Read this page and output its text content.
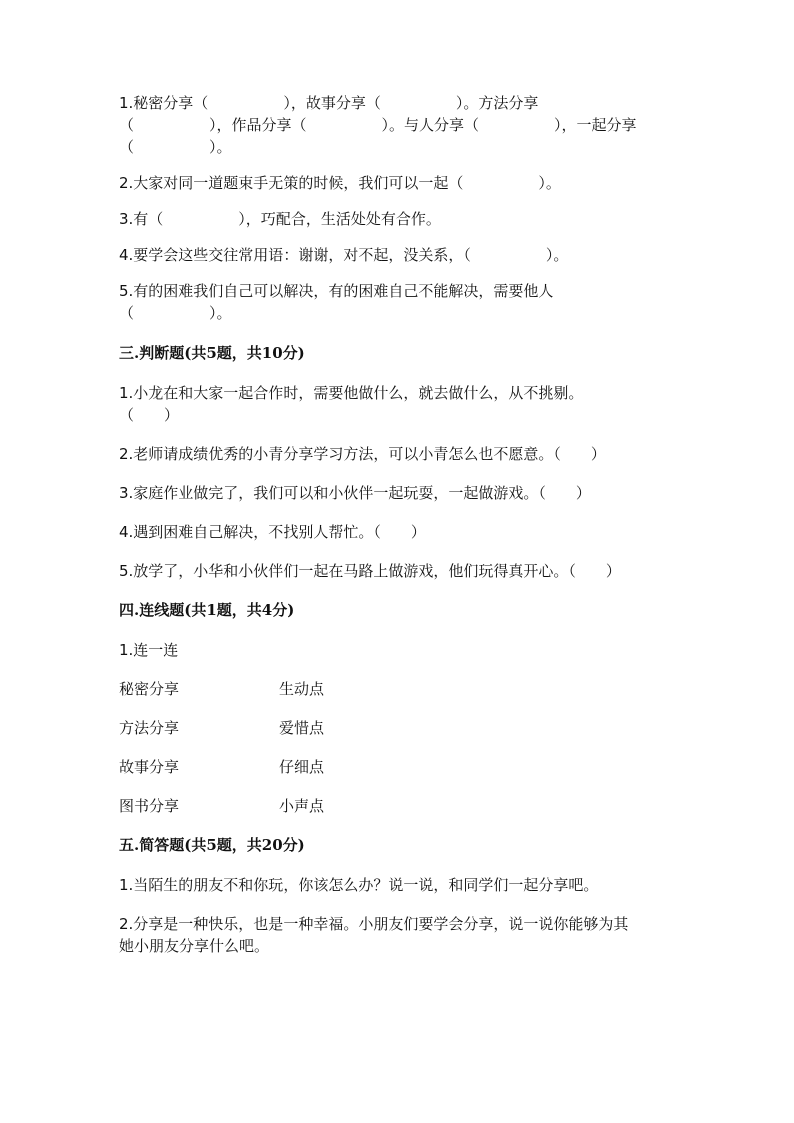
1.秘密分享（　　　　　），故事分享（　　　　　）。方法分享

（　　　　　），作品分享（　　　　　）。与人分享（　　　　　），一起分享

（　　　　　）。

2.大家对同一道题束手无策的时候，我们可以一起（　　　　　）。

3.有（　　　　　），巧配合，生活处处有合作。

4.要学会这些交往常用语：谢谢，对不起，没关系，（　　　　　）。

5.有的困难我们自己可以解决，有的困难自己不能解决，需要他人

（　　　　　）。

三.判断题(共5题，共10分)

1.小龙在和大家一起合作时，需要他做什么，就去做什么，从不挑剔。

（　　）

2.老师请成绩优秀的小青分享学习方法，可以小青怎么也不愿意。（　　）

3.家庭作业做完了，我们可以和小伙伴一起玩耍，一起做游戏。（　　）

4.遇到困难自己解决，不找别人帮忙。（　　）

5.放学了，小华和小伙伴们一起在马路上做游戏，他们玩得真开心。（　　）

四.连线题(共1题，共4分)

1.连一连

秘密分享	生动点
方法分享	爱惜点
故事分享	仔细点
图书分享	小声点
五.简答题(共5题，共20分)

1.当陌生的朋友不和你玩，你该怎么办？说一说，和同学们一起分享吧。

2.分享是一种快乐，也是一种幸福。小朋友们要学会分享，说一说你能够为其

她小朋友分享什么吧。
